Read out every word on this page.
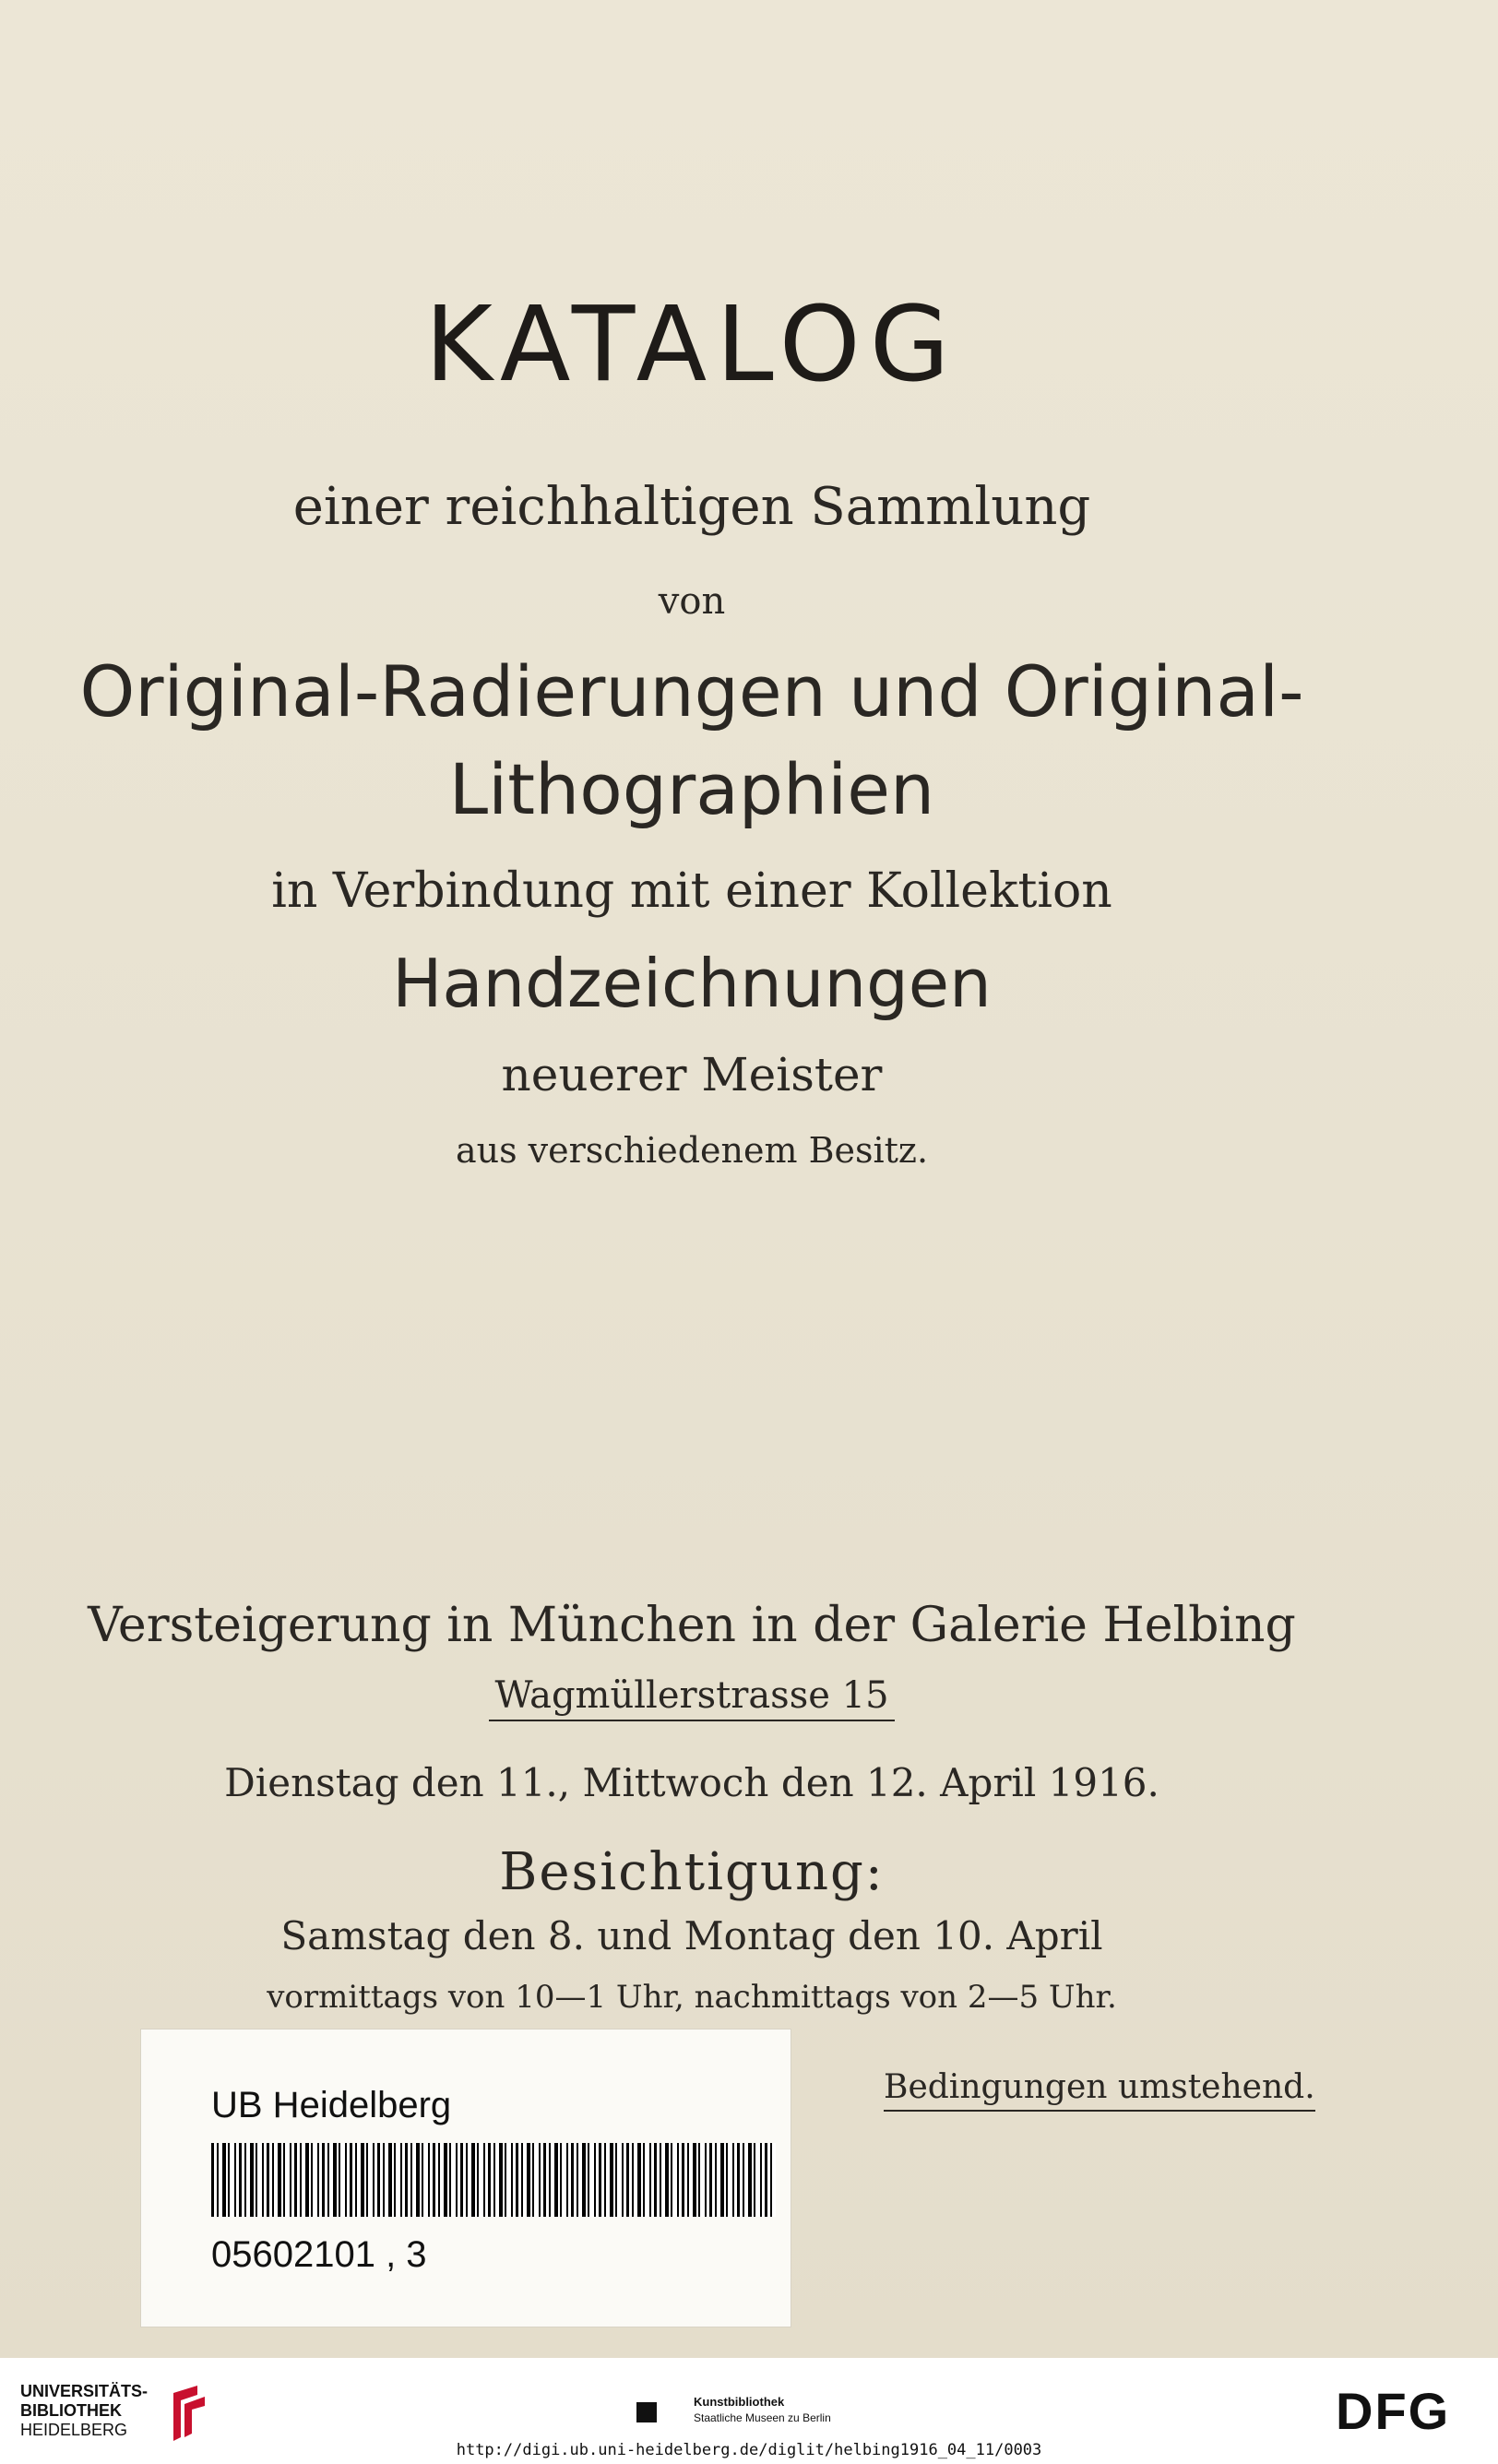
KATALOG
einer reichhaltigen Sammlung
von
Original-Radierungen und Original-
Lithographien
in Verbindung mit einer Kollektion
Handzeichnungen
neuerer Meister
aus verschiedenem Besitz.
Versteigerung in München in der Galerie Helbing
Wagmüllerstrasse 15
Dienstag den 11., Mittwoch den 12. April 1916.
Besichtigung:
Samstag den 8. und Montag den 10. April
vormittags von 10—1 Uhr, nachmittags von 2—5 Uhr.
Bedingungen umstehend.
UB Heidelberg
05602101 , 3
UNIVERSITÄTS-
BIBLIOTHEK
HEIDELBERG
Kunstbibliothek
Staatliche Museen zu Berlin	DFG
http://digi.ub.uni-heidelberg.de/diglit/helbing1916_04_11/0003
